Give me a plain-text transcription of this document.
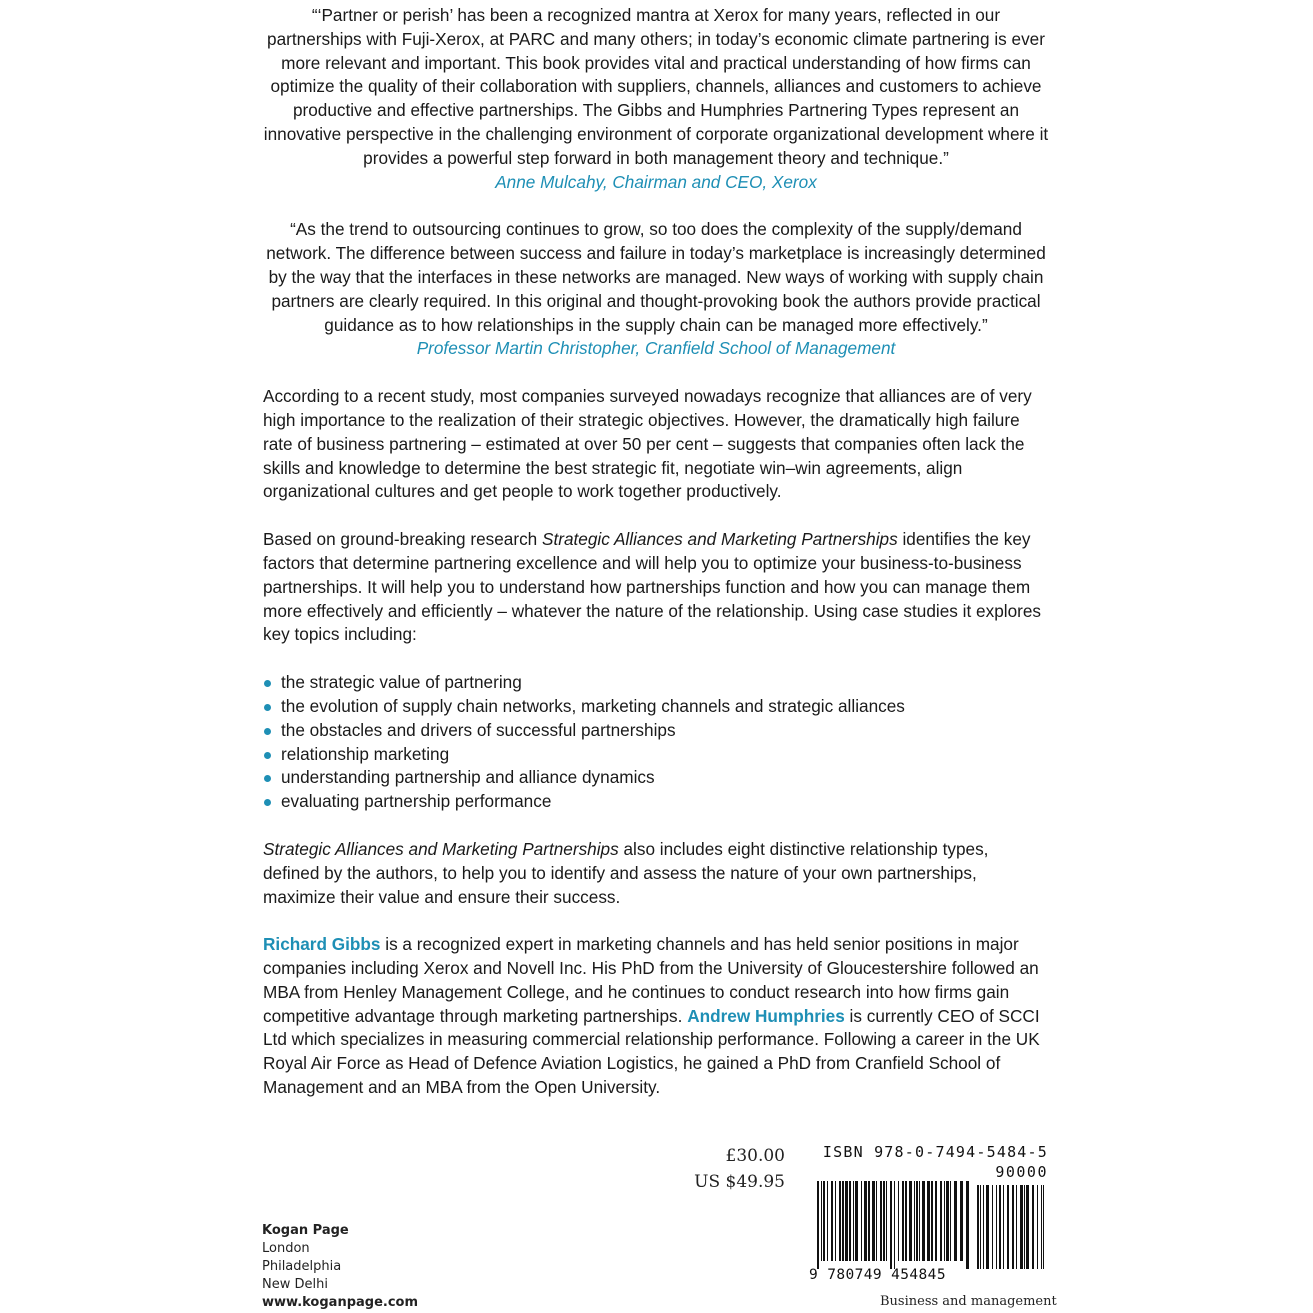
“‘Partner or perish’ has been a recognized mantra at Xerox for many years, reflected in our partnerships with Fuji-Xerox, at PARC and many others; in today’s economic climate partnering is ever more relevant and important. This book provides vital and practical understanding of how firms can optimize the quality of their collaboration with suppliers, channels, alliances and customers to achieve productive and effective partnerships. The Gibbs and Humphries Partnering Types represent an innovative perspective in the challenging environment of corporate organizational development where it provides a powerful step forward in both management theory and technique.”

Anne Mulcahy, Chairman and CEO, Xerox

“As the trend to outsourcing continues to grow, so too does the complexity of the supply/demand network. The difference between success and failure in today’s marketplace is increasingly determined by the way that the interfaces in these networks are managed. New ways of working with supply chain partners are clearly required. In this original and thought-provoking book the authors provide practical guidance as to how relationships in the supply chain can be managed more effectively.”

Professor Martin Christopher, Cranfield School of Management

According to a recent study, most companies surveyed nowadays recognize that alliances are of very high importance to the realization of their strategic objectives. However, the dramatically high failure rate of business partnering – estimated at over 50 per cent – suggests that companies often lack the skills and knowledge to determine the best strategic fit, negotiate win–win agreements, align organizational cultures and get people to work together productively.

Based on ground-breaking research Strategic Alliances and Marketing Partnerships identifies the key factors that determine partnering excellence and will help you to optimize your business-to-business partnerships. It will help you to understand how partnerships function and how you can manage them more effectively and efficiently – whatever the nature of the relationship. Using case studies it explores key topics including:

the strategic value of partnering
the evolution of supply chain networks, marketing channels and strategic alliances
the obstacles and drivers of successful partnerships
relationship marketing
understanding partnership and alliance dynamics
evaluating partnership performance

Strategic Alliances and Marketing Partnerships also includes eight distinctive relationship types, defined by the authors, to help you to identify and assess the nature of your own partnerships, maximize their value and ensure their success.

Richard Gibbs is a recognized expert in marketing channels and has held senior positions in major companies including Xerox and Novell Inc. His PhD from the University of Gloucestershire followed an MBA from Henley Management College, and he continues to conduct research into how firms gain competitive advantage through marketing partnerships. Andrew Humphries is currently CEO of SCCI Ltd which specializes in measuring commercial relationship performance. Following a career in the UK Royal Air Force as Head of Defence Aviation Logistics, he gained a PhD from Cranfield School of Management and an MBA from the Open University.

£30.00
US $49.95
ISBN 978-0-7494-5484-5
90000
9 780749 454845
Kogan Page
London
Philadelphia
New Delhi
www.koganpage.com	Business and management
